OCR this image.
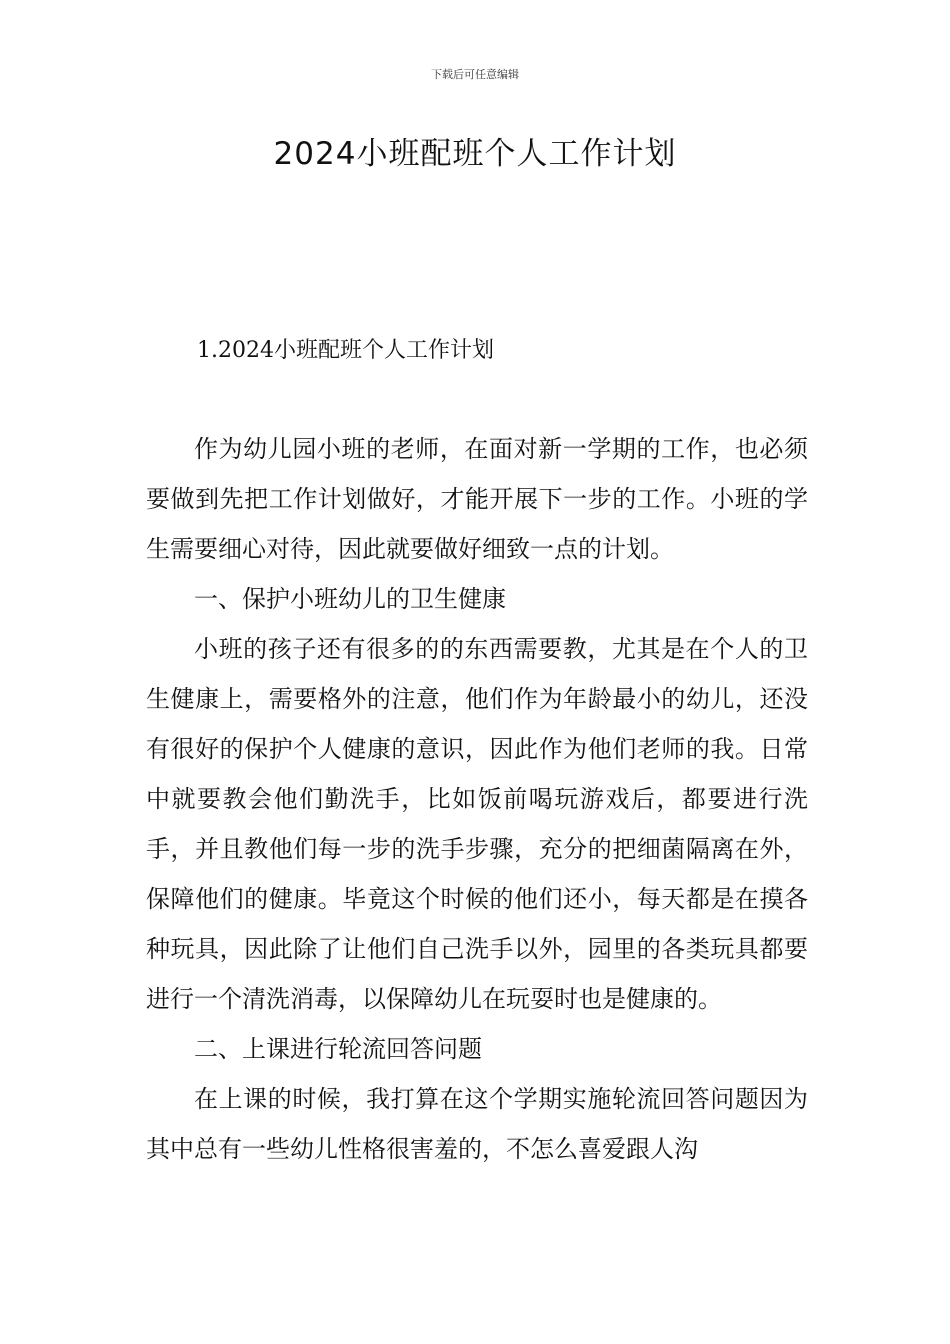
下载后可任意编辑
2024小班配班个人工作计划
1.2024小班配班个人工作计划

作为幼儿园小班的老师，在面对新一学期的工作，也必须要做到先把工作计划做好，才能开展下一步的工作。小班的学生需要细心对待，因此就要做好细致一点的计划。

一、保护小班幼儿的卫生健康

小班的孩子还有很多的的东西需要教，尤其是在个人的卫生健康上，需要格外的注意，他们作为年龄最小的幼儿，还没有很好的保护个人健康的意识，因此作为他们老师的我。日常中就要教会他们勤洗手，比如饭前喝玩游戏后，都要进行洗手，并且教他们每一步的洗手步骤，充分的把细菌隔离在外，保障他们的健康。毕竟这个时候的他们还小，每天都是在摸各种玩具，因此除了让他们自己洗手以外，园里的各类玩具都要进行一个清洗消毒，以保障幼儿在玩耍时也是健康的。

二、上课进行轮流回答问题

在上课的时候，我打算在这个学期实施轮流回答问题因为其中总有一些幼儿性格很害羞的，不怎么喜爱跟人沟
